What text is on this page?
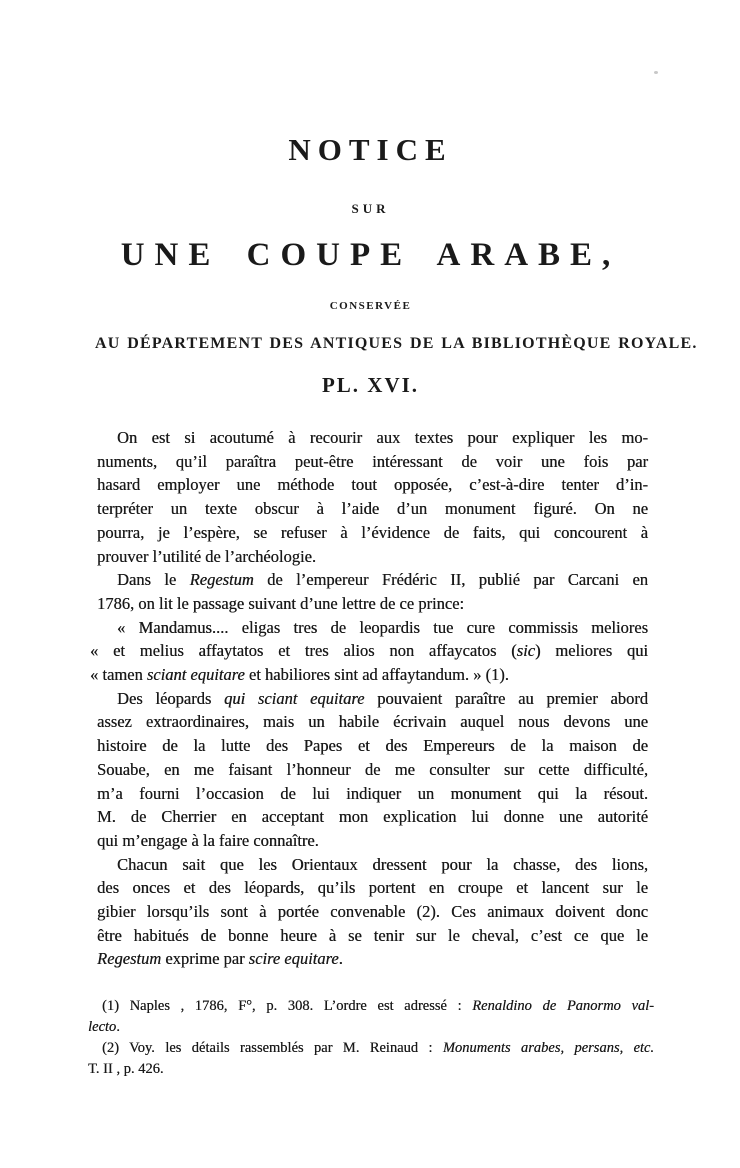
NOTICE
SUR
UNE COUPE ARABE,
CONSERVÉE
AU DÉPARTEMENT DES ANTIQUES DE LA BIBLIOTHÈQUE ROYALE.
PL. XVI.
On est si acoutumé à recourir aux textes pour expliquer les mo-
numents, qu’il paraîtra peut-être intéressant de voir une fois par
hasard employer une méthode tout opposée, c’est-à-dire tenter d’in-
terpréter un texte obscur à l’aide d’un monument figuré. On ne
pourra, je l’espère, se refuser à l’évidence de faits, qui concourent à
prouver l’utilité de l’archéologie.
Dans le Regestum de l’empereur Frédéric II, publié par Carcani en
1786, on lit le passage suivant d’une lettre de ce prince:
« Mandamus.... eligas tres de leopardis tue cure commissis meliores
« et melius affaytatos et tres alios non affaycatos (sic) meliores qui
« tamen sciant equitare et habiliores sint ad affaytandum. » (1).
Des léopards qui sciant equitare pouvaient paraître au premier abord
assez extraordinaires, mais un habile écrivain auquel nous devons une
histoire de la lutte des Papes et des Empereurs de la maison de
Souabe, en me faisant l’honneur de me consulter sur cette difficulté,
m’a fourni l’occasion de lui indiquer un monument qui la résout.
M. de Cherrier en acceptant mon explication lui donne une autorité
qui m’engage à la faire connaître.
Chacun sait que les Orientaux dressent pour la chasse, des lions,
des onces et des léopards, qu’ils portent en croupe et lancent sur le
gibier lorsqu’ils sont à portée convenable (2). Ces animaux doivent donc
être habitués de bonne heure à se tenir sur le cheval, c’est ce que le
Regestum exprime par scire equitare.
(1) Naples , 1786, F°, p. 308. L’ordre est adressé : Renaldino de Panormo val-
lecto.
(2) Voy. les détails rassemblés par M. Reinaud : Monuments arabes, persans, etc.
T. II , p. 426.
